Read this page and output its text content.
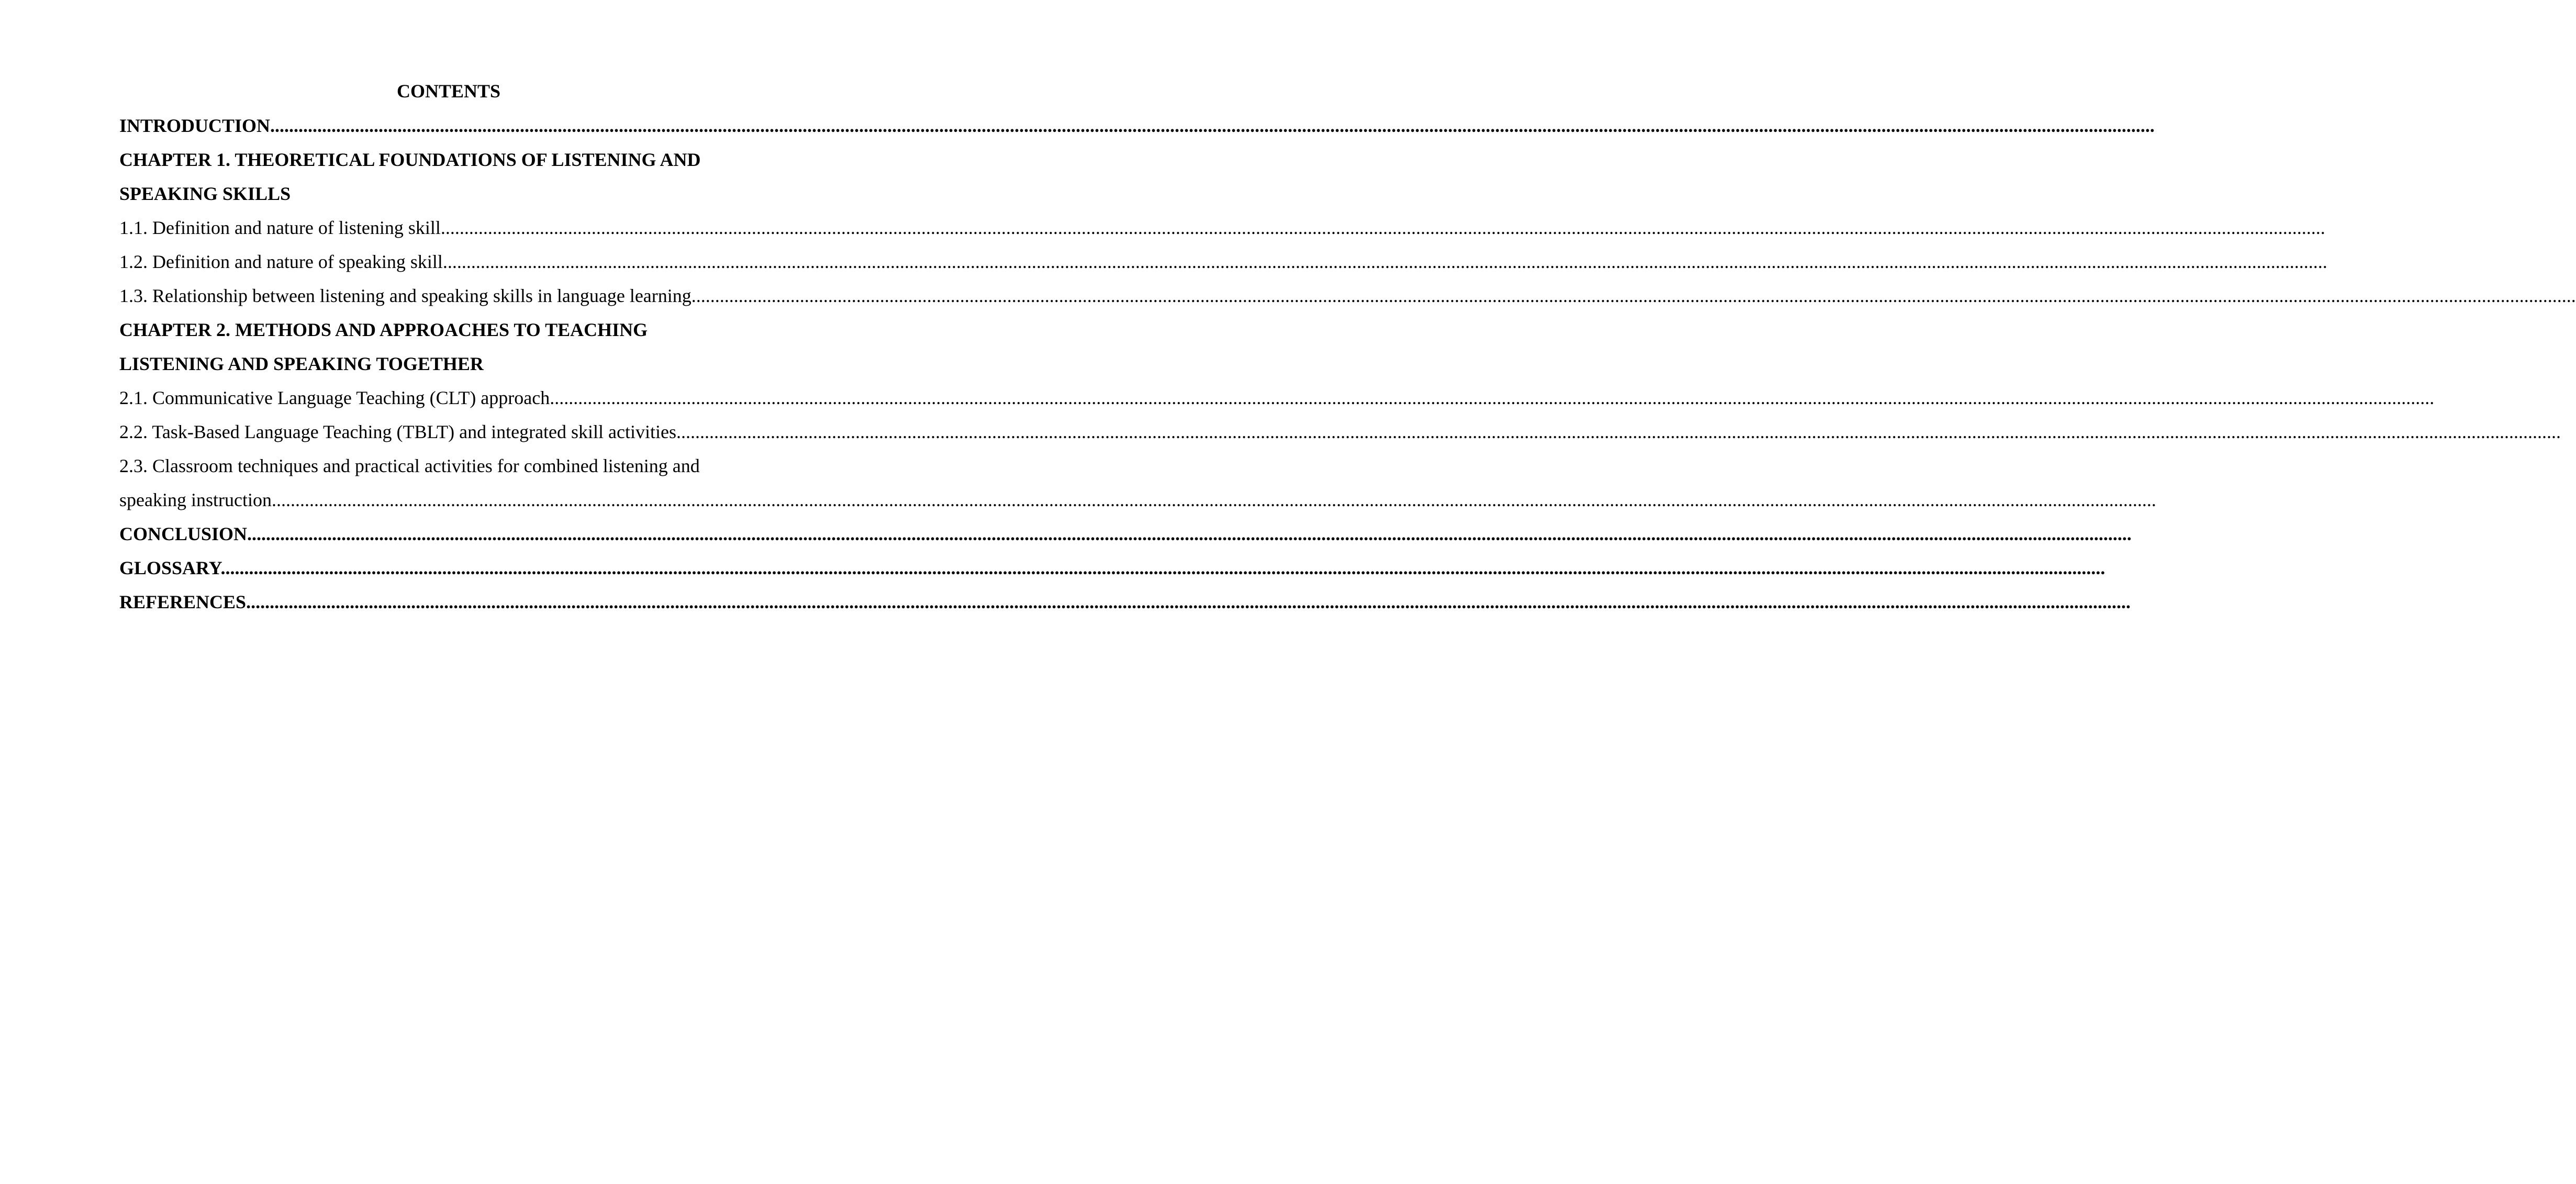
CONTENTS
INTRODUCTION................................................................................................................................................................................................................................................................................................................................................................................................................
CHAPTER 1. THEORETICAL FOUNDATIONS OF LISTENING AND
SPEAKING SKILLS
1.1. Definition and nature of listening skill................................................................................................................................................................................................................................................................................................................................................................................................................
1.2. Definition and nature of speaking skill................................................................................................................................................................................................................................................................................................................................................................................................................
1.3. Relationship between listening and speaking skills in language learning................................................................................................................................................................................................................................................................................................................................................................................................................
CHAPTER 2. METHODS AND APPROACHES TO TEACHING
LISTENING AND SPEAKING TOGETHER
2.1. Communicative Language Teaching (CLT) approach................................................................................................................................................................................................................................................................................................................................................................................................................
2.2. Task-Based Language Teaching (TBLT) and integrated skill activities................................................................................................................................................................................................................................................................................................................................................................................................................
2.3. Classroom techniques and practical activities for combined listening and
speaking instruction................................................................................................................................................................................................................................................................................................................................................................................................................
CONCLUSION................................................................................................................................................................................................................................................................................................................................................................................................................
GLOSSARY................................................................................................................................................................................................................................................................................................................................................................................................................
REFERENCES................................................................................................................................................................................................................................................................................................................................................................................................................
